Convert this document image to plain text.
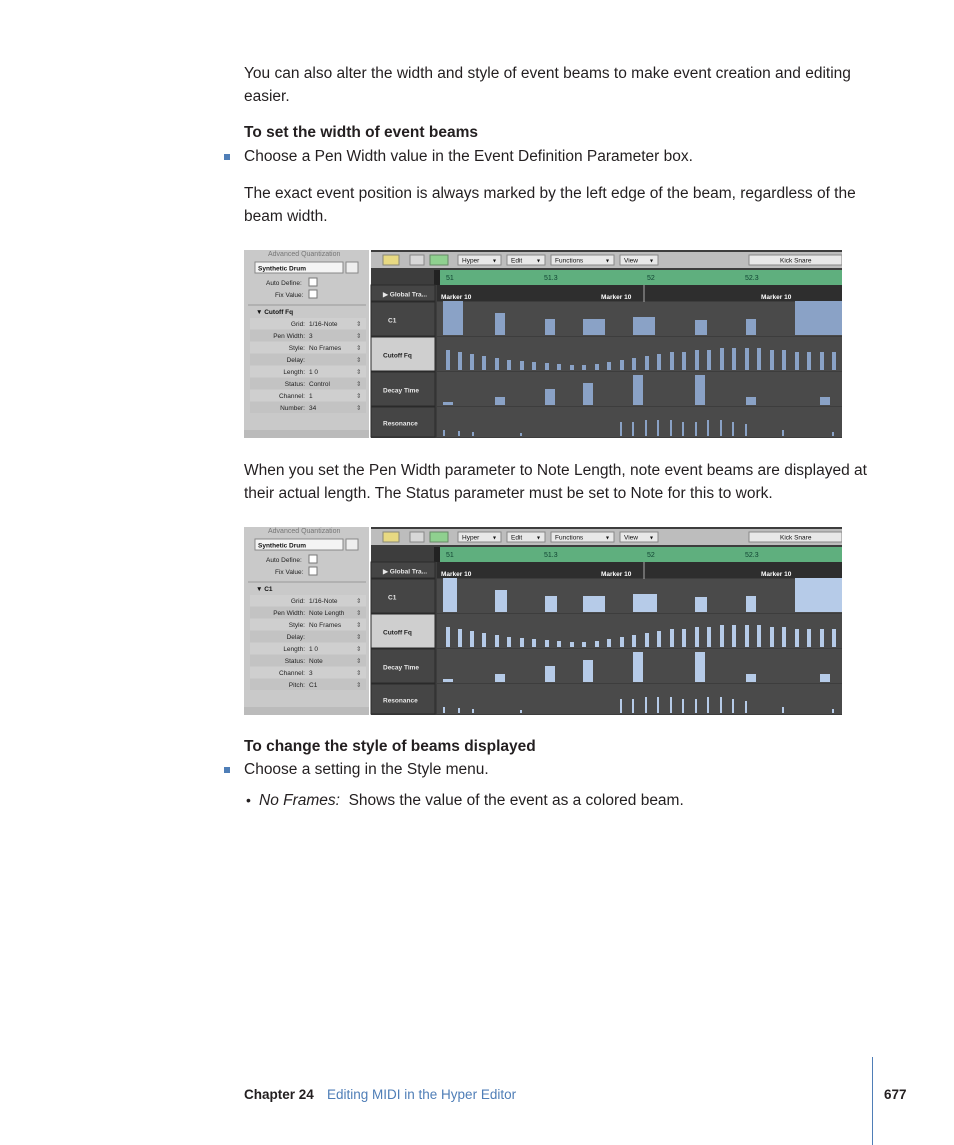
You can also alter the width and style of event beams to make event creation and editing easier.

To set the width of event beams

Choose a Pen Width value in the Event Definition Parameter box.

The exact event position is always marked by the left edge of the beam, regardless of the beam width.

Advanced Quantization
Synthetic Drum
Auto Define:
Fix Value:
▼ Cutoff Fq
Grid: 1/16-Note	⇕
Pen Width: 3	⇕
Style: No Frames ⇕
Delay:	⇕
Length: 1 0	⇕
Status: Control	⇕
Channel: 1	⇕
Number: 34	⇕
Hyper ▾ Edit ▾ Functions	▾ View ▾	Kick Snare
51	51.3	52	52.3
▶ Global Tra...
C1
Cutoff Fq
Decay Time
Resonance
Marker 10	Marker 10	Marker 10

When you set the Pen Width parameter to Note Length, note event beams are displayed at their actual length. The Status parameter must be set to Note for this to work.

Advanced Quantization
Synthetic Drum
Auto Define:
Fix Value:
▼ C1
Grid: 1/16-Note	⇕
Pen Width: Note Length ⇕
Style: No Frames ⇕
Delay:	⇕
Length: 1 0	⇕
Status: Note	⇕
Channel: 3	⇕
Pitch: C1	⇕
Hyper ▾ Edit ▾ Functions	▾ View ▾	Kick Snare
51	51.3	52	52.3
▶ Global Tra...
C1
Cutoff Fq
Decay Time
Resonance
Marker 10	Marker 10	Marker 10

To change the style of beams displayed

Choose a setting in the Style menu.

• No Frames: Shows the value of the event as a colored beam.

Chapter 24 Editing MIDI in the Hyper Editor	677
